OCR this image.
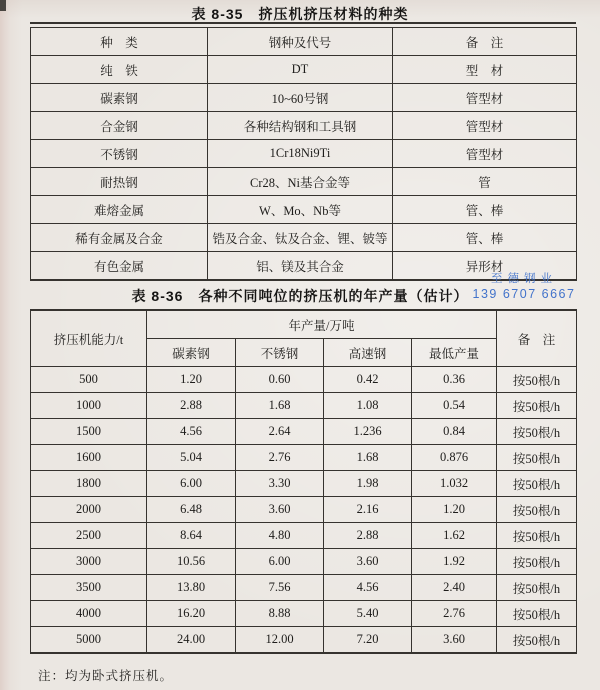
表 8-35　挤压机挤压材料的种类
种　类	钢种及代号	备　注
纯　铁	DT	型　材
碳素钢	10~60号钢	管型材
合金钢	各种结构钢和工具钢	管型材
不锈钢	1Cr18Ni9Ti	管型材
耐热钢	Cr28、Ni基合金等	管
难熔金属	W、Mo、Nb等	管、棒
稀有金属及合金	锆及合金、钛及合金、锂、铍等	管、棒
有色金属	铝、镁及其合金	异形材
至德钢业
139 6707 6667
表 8-36　各种不同吨位的挤压机的年产量（估计）
挤压机能力/t	年产量/万吨				备　注
	碳素钢	不锈钢	高速钢	最低产量	
500	1.20	0.60	0.42	0.36	按50根/h
1000	2.88	1.68	1.08	0.54	按50根/h
1500	4.56	2.64	1.236	0.84	按50根/h
1600	5.04	2.76	1.68	0.876	按50根/h
1800	6.00	3.30	1.98	1.032	按50根/h
2000	6.48	3.60	2.16	1.20	按50根/h
2500	8.64	4.80	2.88	1.62	按50根/h
3000	10.56	6.00	3.60	1.92	按50根/h
3500	13.80	7.56	4.56	2.40	按50根/h
4000	16.20	8.88	5.40	2.76	按50根/h
5000	24.00	12.00	7.20	3.60	按50根/h
注：均为卧式挤压机。
